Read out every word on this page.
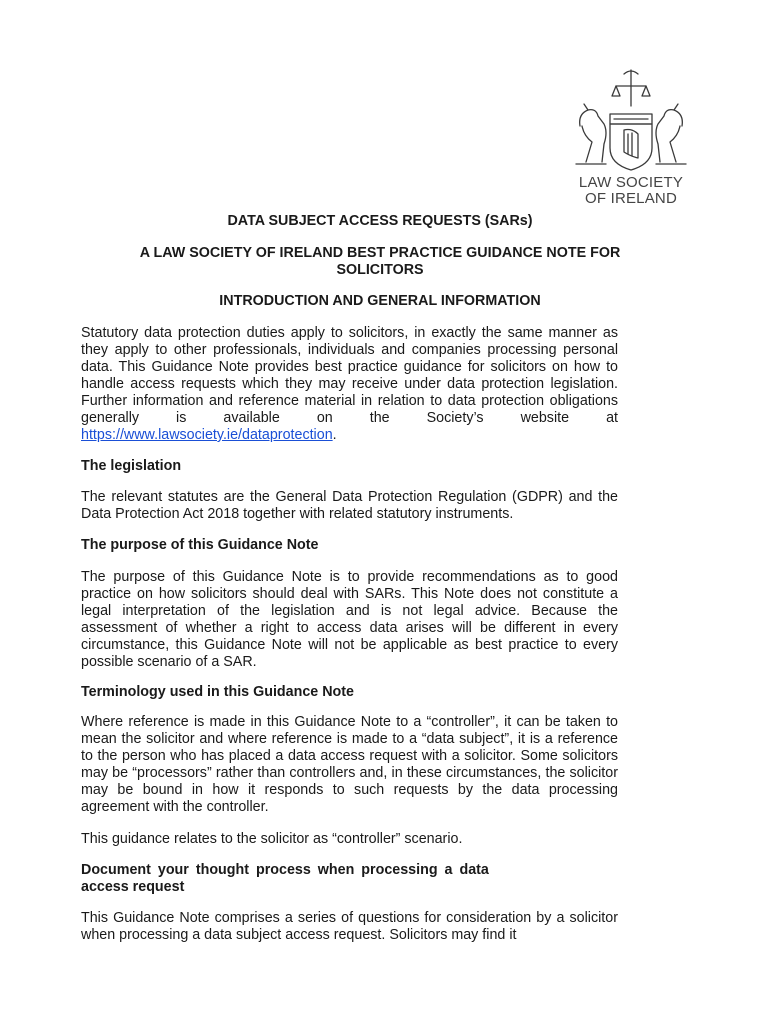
LAW SOCIETY
OF IRELAND
DATA SUBJECT ACCESS REQUESTS (SARs)
A LAW SOCIETY OF IRELAND BEST PRACTICE GUIDANCE NOTE FOR
SOLICITORS
INTRODUCTION AND GENERAL INFORMATION
Statutory data protection duties apply to solicitors, in exactly the same manner as they apply to other professionals, individuals and companies processing personal data. This Guidance Note provides best practice guidance for solicitors on how to handle access requests which they may receive under data protection legislation. Further information and reference material in relation to data protection obligations generally is available on the Society’s website at https://www.lawsociety.ie/dataprotection.
The legislation
The relevant statutes are the General Data Protection Regulation (GDPR) and the Data Protection Act 2018 together with related statutory instruments.
The purpose of this Guidance Note
The purpose of this Guidance Note is to provide recommendations as to good practice on how solicitors should deal with SARs. This Note does not constitute a legal interpretation of the legislation and is not legal advice. Because the assessment of whether a right to access data arises will be different in every circumstance, this Guidance Note will not be applicable as best practice to every possible scenario of a SAR.
Terminology used in this Guidance Note
Where reference is made in this Guidance Note to a “controller”, it can be taken to mean the solicitor and where reference is made to a “data subject”, it is a reference to the person who has placed a data access request with a solicitor. Some solicitors may be “processors” rather than controllers and, in these circumstances, the solicitor may be bound in how it responds to such requests by the data processing agreement with the controller.
This guidance relates to the solicitor as “controller” scenario.
Document your thought process when processing a data
access request
This Guidance Note comprises a series of questions for consideration by a solicitor when processing a data subject access request. Solicitors may find it
